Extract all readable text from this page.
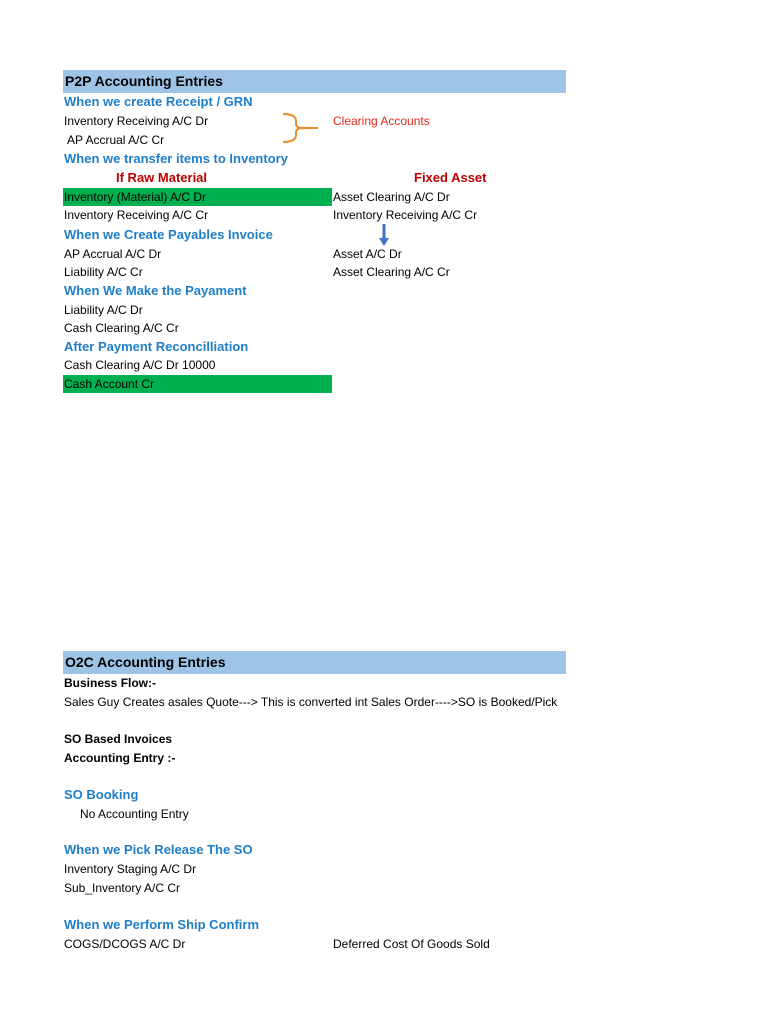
P2P Accounting Entries
When we create Receipt / GRN
Inventory Receiving A/C Dr
AP Accrual A/C Cr
Clearing Accounts
When we transfer items to Inventory
If Raw Material	Fixed Asset
Inventory (Material) A/C Dr	Asset Clearing A/C Dr
Inventory Receiving A/C Cr	Inventory Receiving A/C Cr
When we Create Payables Invoice
AP Accrual A/C Dr	Asset A/C Dr
Liability A/C Cr	Asset Clearing A/C Cr
When We Make the Payament
Liability A/C Dr
Cash Clearing A/C Cr
After Payment Reconcilliation
Cash Clearing A/C Dr 10000
Cash Account Cr
O2C Accounting Entries
Business Flow:-
Sales Guy Creates asales Quote---> This is converted int Sales Order---->SO is Booked/Pick
SO Based Invoices
Accounting Entry :-
SO Booking
No Accounting Entry
When we Pick Release The SO
Inventory Staging A/C Dr
Sub_Inventory A/C Cr
When we Perform Ship Confirm
COGS/DCOGS A/C Dr	Deferred Cost Of Goods Sold
